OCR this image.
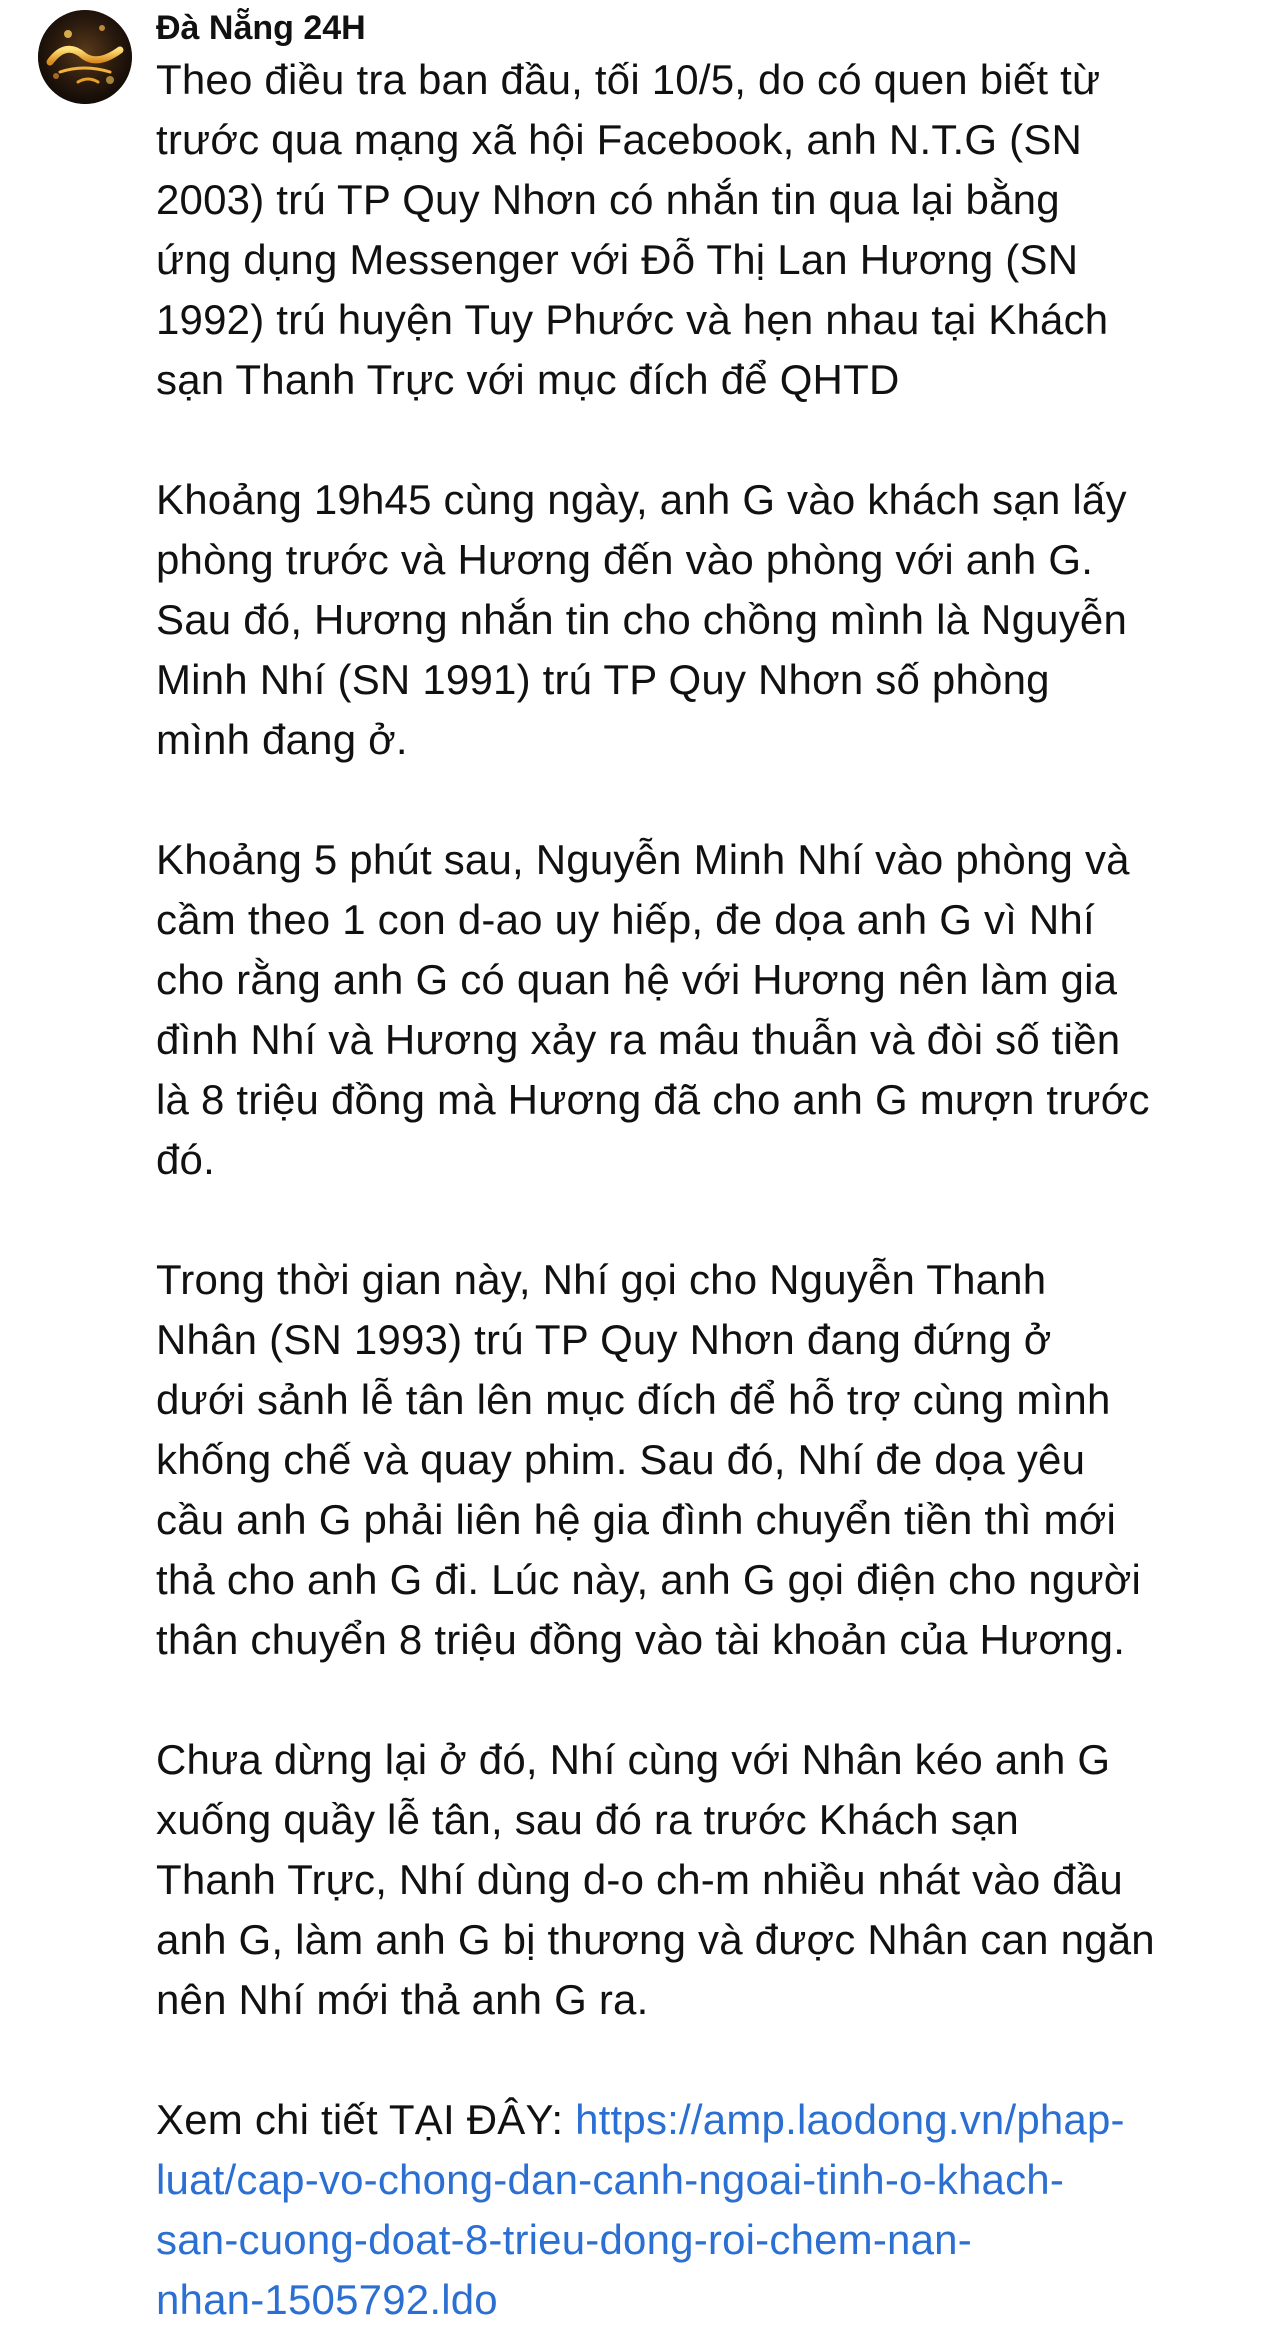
Đà Nẵng 24H

Theo điều tra ban đầu, tối 10/5, do có quen biết từ
trước qua mạng xã hội Facebook, anh N.T.G (SN
2003) trú TP Quy Nhơn có nhắn tin qua lại bằng
ứng dụng Messenger với Đỗ Thị Lan Hương (SN
1992) trú huyện Tuy Phước và hẹn nhau tại Khách
sạn Thanh Trực với mục đích để QHTD

Khoảng 19h45 cùng ngày, anh G vào khách sạn lấy
phòng trước và Hương đến vào phòng với anh G.
Sau đó, Hương nhắn tin cho chồng mình là Nguyễn
Minh Nhí (SN 1991) trú TP Quy Nhơn số phòng
mình đang ở.

Khoảng 5 phút sau, Nguyễn Minh Nhí vào phòng và
cầm theo 1 con d-ao uy hiếp, đe dọa anh G vì Nhí
cho rằng anh G có quan hệ với Hương nên làm gia
đình Nhí và Hương xảy ra mâu thuẫn và đòi số tiền
là 8 triệu đồng mà Hương đã cho anh G mượn trước
đó.

Trong thời gian này, Nhí gọi cho Nguyễn Thanh
Nhân (SN 1993) trú TP Quy Nhơn đang đứng ở
dưới sảnh lễ tân lên mục đích để hỗ trợ cùng mình
khống chế và quay phim. Sau đó, Nhí đe dọa yêu
cầu anh G phải liên hệ gia đình chuyển tiền thì mới
thả cho anh G đi. Lúc này, anh G gọi điện cho người
thân chuyển 8 triệu đồng vào tài khoản của Hương.

Chưa dừng lại ở đó, Nhí cùng với Nhân kéo anh G
xuống quầy lễ tân, sau đó ra trước Khách sạn
Thanh Trực, Nhí dùng d-o ch-m nhiều nhát vào đầu
anh G, làm anh G bị thương và được Nhân can ngăn
nên Nhí mới thả anh G ra.

Xem chi tiết TẠI ĐÂY: https://amp.laodong.vn/phap-
luat/cap-vo-chong-dan-canh-ngoai-tinh-o-khach-
san-cuong-doat-8-trieu-dong-roi-chem-nan-
nhan-1505792.ldo
